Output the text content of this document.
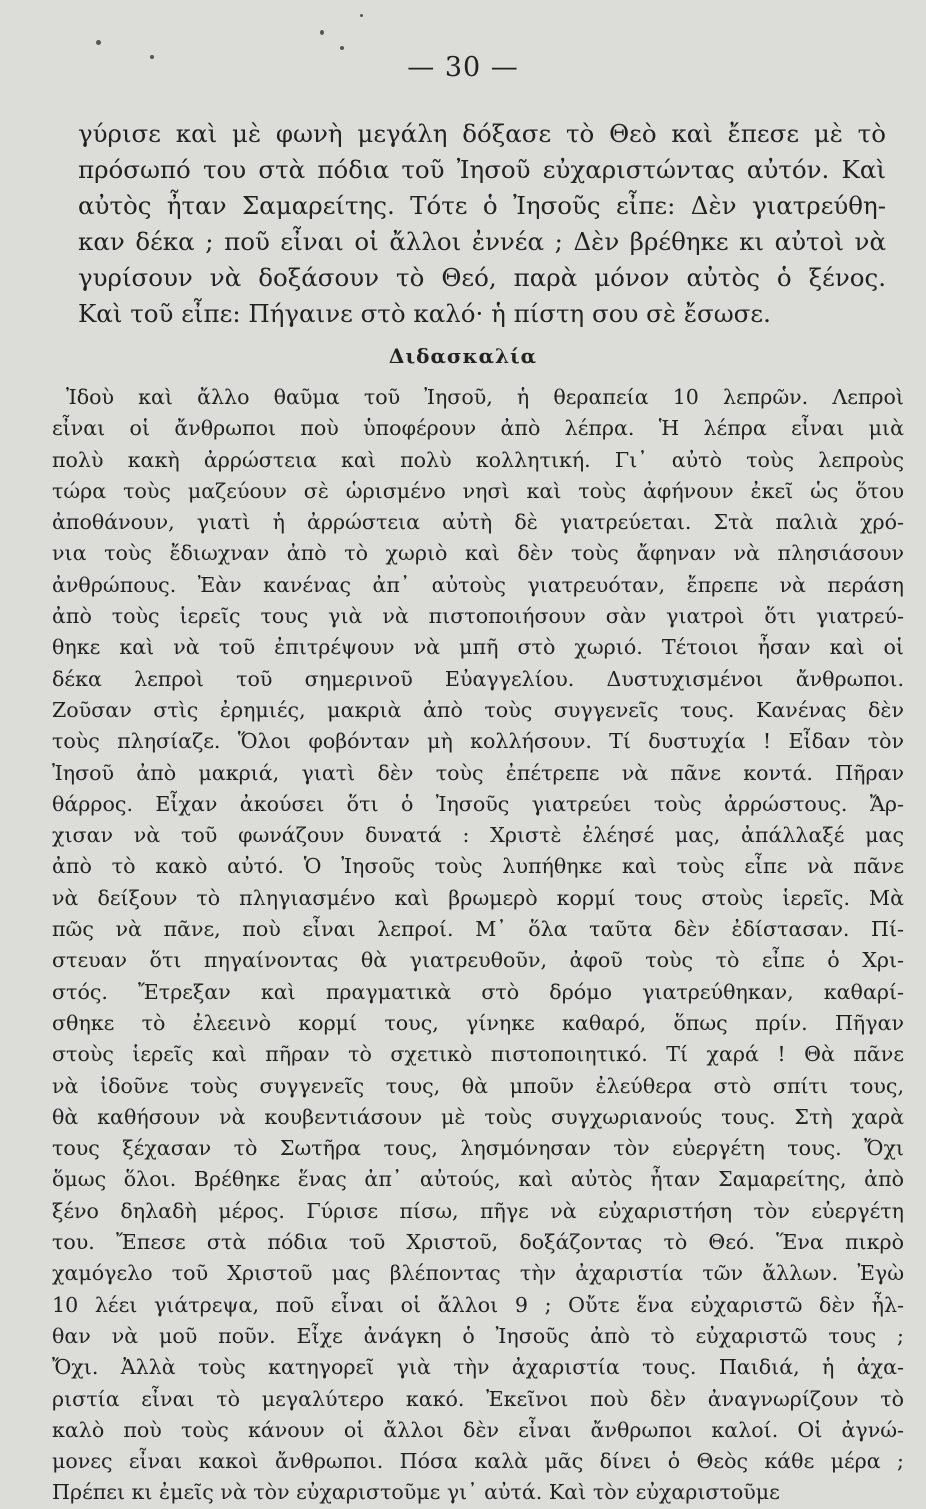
— 30 —
γύρισε καὶ μὲ φωνὴ μεγάλη δόξασε τὸ Θεὸ καὶ ἔπεσε μὲ τὸ
πρόσωπό του στὰ πόδια τοῦ Ἰησοῦ εὐχαριστώντας αὐτόν. Καὶ
αὐτὸς ἦταν Σαμαρείτης. Τότε ὁ Ἰησοῦς εἶπε: Δὲν γιατρεύθη-
καν δέκα ; ποῦ εἶναι οἱ ἄλλοι ἐννέα ; Δὲν βρέθηκε κι αὐτοὶ νὰ
γυρίσουν νὰ δοξάσουν τὸ Θεό, παρὰ μόνον αὐτὸς ὁ ξένος.
Καὶ τοῦ εἶπε: Πήγαινε στὸ καλό· ἡ πίστη σου σὲ ἔσωσε.
Διδασκαλία
Ἰδοὺ καὶ ἄλλο θαῦμα τοῦ Ἰησοῦ, ἡ θεραπεία 10 λεπρῶν. Λεπροὶ
εἶναι οἱ ἄνθρωποι ποὺ ὑποφέρουν ἀπὸ λέπρα. Ἡ λέπρα εἶναι μιὰ
πολὺ κακὴ ἀρρώστεια καὶ πολὺ κολλητική. Γι᾽ αὐτὸ τοὺς λεπροὺς
τώρα τοὺς μαζεύουν σὲ ὡρισμένο νησὶ καὶ τοὺς ἀφήνουν ἐκεῖ ὡς ὅτου
ἀποθάνουν, γιατὶ ἡ ἀρρώστεια αὐτὴ δὲ γιατρεύεται. Στὰ παλιὰ χρό-
νια τοὺς ἔδιωχναν ἀπὸ τὸ χωριὸ καὶ δὲν τοὺς ἄφηναν νὰ πλησιάσουν
ἀνθρώπους. Ἐὰν κανένας ἀπ᾽ αὐτοὺς γιατρευόταν, ἔπρεπε νὰ περάση
ἀπὸ τοὺς ἱερεῖς τους γιὰ νὰ πιστοποιήσουν σὰν γιατροὶ ὅτι γιατρεύ-
θηκε καὶ νὰ τοῦ ἐπιτρέψουν νὰ μπῆ στὸ χωριό. Τέτοιοι ἦσαν καὶ οἱ
δέκα λεπροὶ τοῦ σημερινοῦ Εὐαγγελίου. Δυστυχισμένοι ἄνθρωποι.
Ζοῦσαν στὶς ἐρημιές, μακριὰ ἀπὸ τοὺς συγγενεῖς τους. Κανένας δὲν
τοὺς πλησίαζε. Ὅλοι φοβόνταν μὴ κολλήσουν. Τί δυστυχία ! Εἶδαν τὸν
Ἰησοῦ ἀπὸ μακριά, γιατὶ δὲν τοὺς ἐπέτρεπε νὰ πᾶνε κοντά. Πῆραν
θάρρος. Εἶχαν ἀκούσει ὅτι ὁ Ἰησοῦς γιατρεύει τοὺς ἀρρώστους. Ἄρ-
χισαν νὰ τοῦ φωνάζουν δυνατά : Χριστὲ ἐλέησέ μας, ἀπάλλαξέ μας
ἀπὸ τὸ κακὸ αὐτό. Ὁ Ἰησοῦς τοὺς λυπήθηκε καὶ τοὺς εἶπε νὰ πᾶνε
νὰ δείξουν τὸ πληγιασμένο καὶ βρωμερὸ κορμί τους στοὺς ἱερεῖς. Μὰ
πῶς νὰ πᾶνε, ποὺ εἶναι λεπροί. Μ᾽ ὅλα ταῦτα δὲν ἐδίστασαν. Πί-
στευαν ὅτι πηγαίνοντας θὰ γιατρευθοῦν, ἀφοῦ τοὺς τὸ εἶπε ὁ Χρι-
στός. Ἔτρεξαν καὶ πραγματικὰ στὸ δρόμο γιατρεύθηκαν, καθαρί-
σθηκε τὸ ἐλεεινὸ κορμί τους, γίνηκε καθαρό, ὅπως πρίν. Πῆγαν
στοὺς ἱερεῖς καὶ πῆραν τὸ σχετικὸ πιστοποιητικό. Τί χαρά ! Θὰ πᾶνε
νὰ ἰδοῦνε τοὺς συγγενεῖς τους, θὰ μποῦν ἐλεύθερα στὸ σπίτι τους,
θὰ καθήσουν νὰ κουβεντιάσουν μὲ τοὺς συγχωριανούς τους. Στὴ χαρὰ
τους ξέχασαν τὸ Σωτῆρα τους, λησμόνησαν τὸν εὐεργέτη τους. Ὄχι
ὅμως ὅλοι. Βρέθηκε ἕνας ἀπ᾽ αὐτούς, καὶ αὐτὸς ἦταν Σαμαρείτης, ἀπὸ
ξένο δηλαδὴ μέρος. Γύρισε πίσω, πῆγε νὰ εὐχαριστήση τὸν εὐεργέτη
του. Ἔπεσε στὰ πόδια τοῦ Χριστοῦ, δοξάζοντας τὸ Θεό. Ἕνα πικρὸ
χαμόγελο τοῦ Χριστοῦ μας βλέποντας τὴν ἀχαριστία τῶν ἄλλων. Ἐγὼ
10 λέει γιάτρεψα, ποῦ εἶναι οἱ ἄλλοι 9 ; Οὔτε ἕνα εὐχαριστῶ δὲν ἦλ-
θαν νὰ μοῦ ποῦν. Εἶχε ἀνάγκη ὁ Ἰησοῦς ἀπὸ τὸ εὐχαριστῶ τους ;
Ὄχι. Ἀλλὰ τοὺς κατηγορεῖ γιὰ τὴν ἀχαριστία τους. Παιδιά, ἡ ἀχα-
ριστία εἶναι τὸ μεγαλύτερο κακό. Ἐκεῖνοι ποὺ δὲν ἀναγνωρίζουν τὸ
καλὸ ποὺ τοὺς κάνουν οἱ ἄλλοι δὲν εἶναι ἄνθρωποι καλοί. Οἱ ἀγνώ-
μονες εἶναι κακοὶ ἄνθρωποι. Πόσα καλὰ μᾶς δίνει ὁ Θεὸς κάθε μέρα ;
Πρέπει κι ἐμεῖς νὰ τὸν εὐχαριστοῦμε γι᾽ αὐτά. Καὶ τὸν εὐχαριστοῦμε
